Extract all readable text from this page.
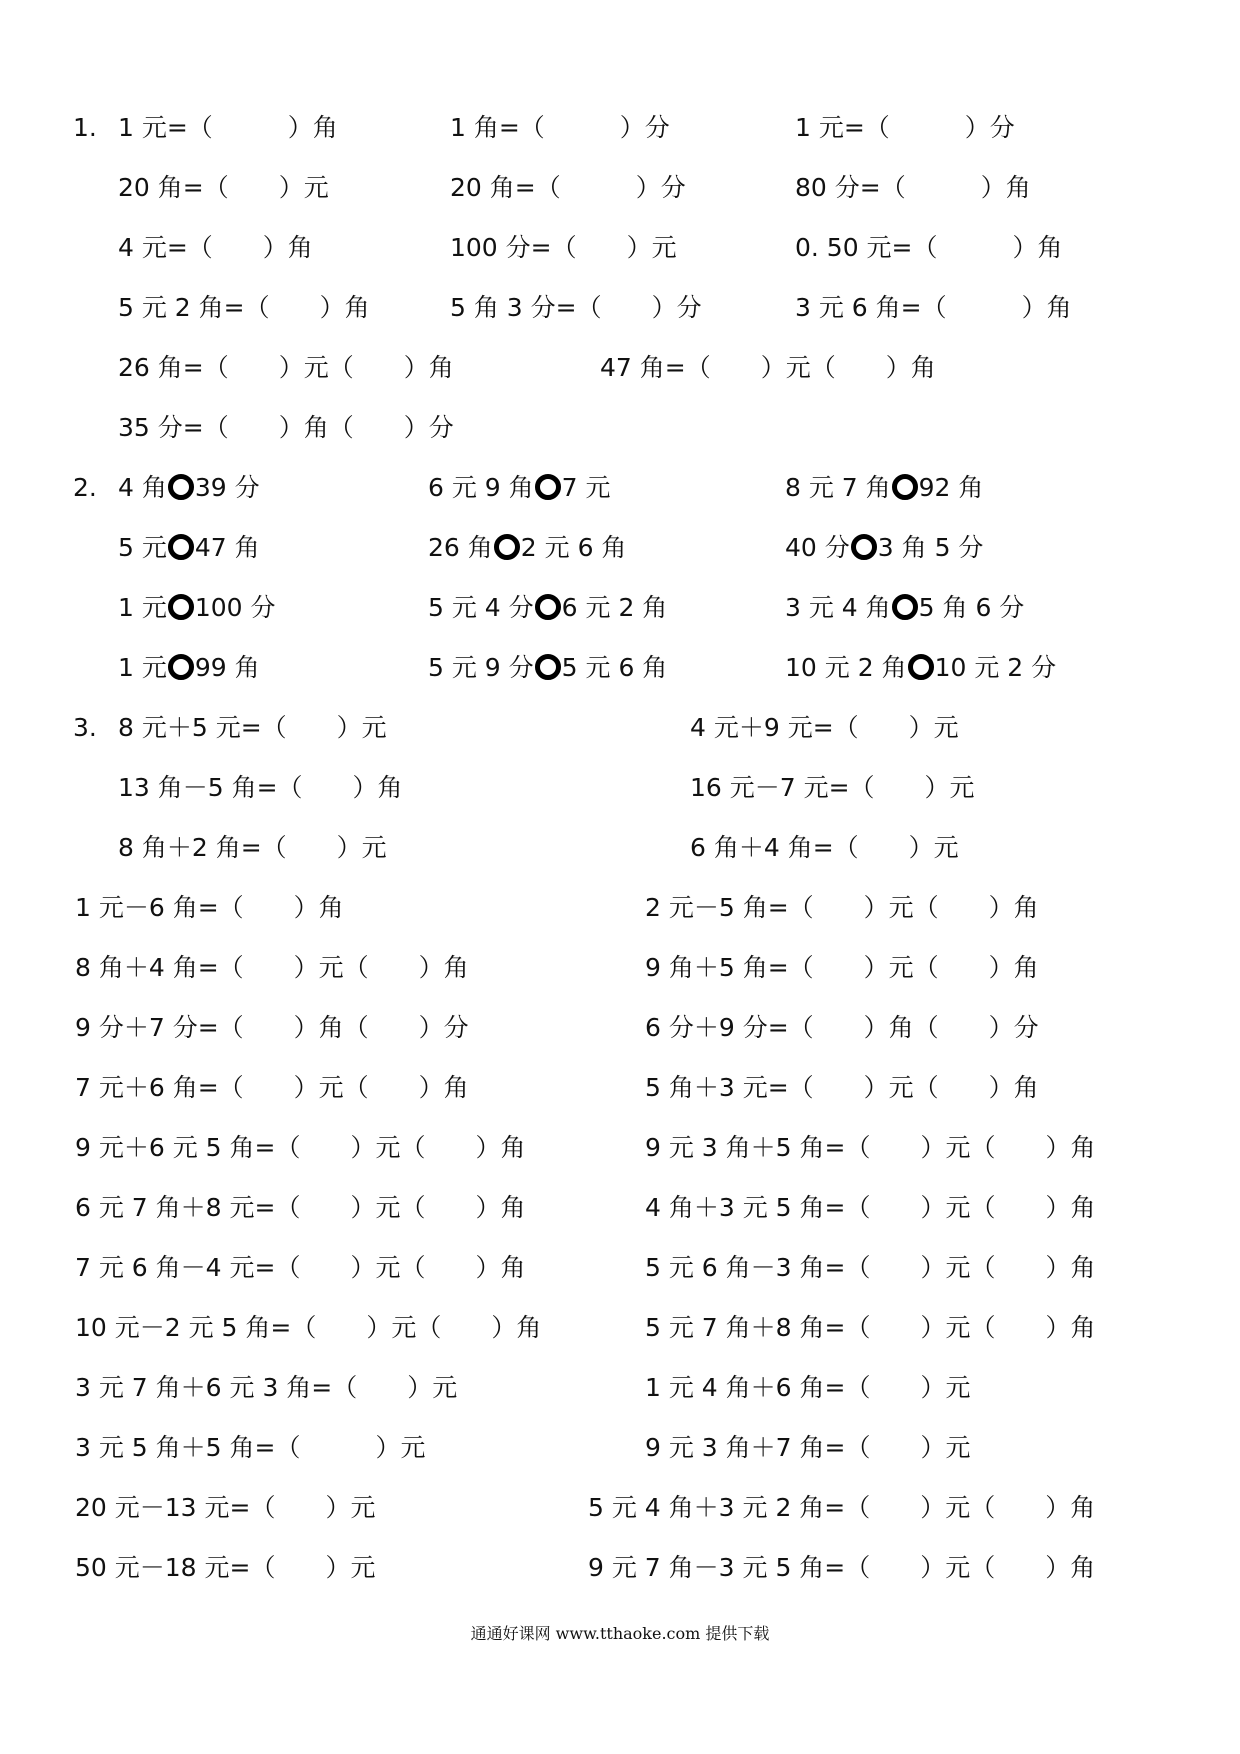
1. 1 元=（　　　）角	1 角=（　　　）分	1 元=（　　　）分
20 角=（　　）元	20 角=（　　　）分	80 分=（　　　）角
4 元=（　　）角	100 分=（　　）元	0. 50 元=（　　　）角
5 元 2 角=（　　）角	5 角 3 分=（　　）分	3 元 6 角=（　　　）角
26 角=（　　）元（　　）角	47 角=（　　）元（　　）角
35 分=（　　）角（　　）分
2. 4 角 39 分	6 元 9 角 7 元	8 元 7 角 92 角
5 元 47 角	26 角 2 元 6 角	40 分 3 角 5 分
1 元 100 分	5 元 4 分 6 元 2 角	3 元 4 角 5 角 6 分
1 元 99 角	5 元 9 分 5 元 6 角	10 元 2 角 10 元 2 分
3. 8 元＋5 元=（　　）元	4 元＋9 元=（　　）元
13 角－5 角=（　　）角	16 元－7 元=（　　）元
8 角＋2 角=（　　）元	6 角＋4 角=（　　）元
1 元－6 角=（　　）角	2 元－5 角=（　　）元（　　）角
8 角＋4 角=（　　）元（　　）角	9 角＋5 角=（　　）元（　　）角
9 分＋7 分=（　　）角（　　）分	6 分＋9 分=（　　）角（　　）分
7 元＋6 角=（　　）元（　　）角	5 角＋3 元=（　　）元（　　）角
9 元＋6 元 5 角=（　　）元（　　）角	9 元 3 角＋5 角=（　　）元（　　）角
6 元 7 角＋8 元=（　　）元（　　）角	4 角＋3 元 5 角=（　　）元（　　）角
7 元 6 角－4 元=（　　）元（　　）角	5 元 6 角－3 角=（　　）元（　　）角
10 元－2 元 5 角=（　　）元（　　）角	5 元 7 角＋8 角=（　　）元（　　）角
3 元 7 角＋6 元 3 角=（　　）元	1 元 4 角＋6 角=（　　）元
3 元 5 角＋5 角=（　　　）元	9 元 3 角＋7 角=（　　）元
20 元－13 元=（　　）元	5 元 4 角＋3 元 2 角=（　　）元（　　）角
50 元－18 元=（　　）元	9 元 7 角－3 元 5 角=（　　）元（　　）角
通通好课网 www.tthaoke.com 提供下载
